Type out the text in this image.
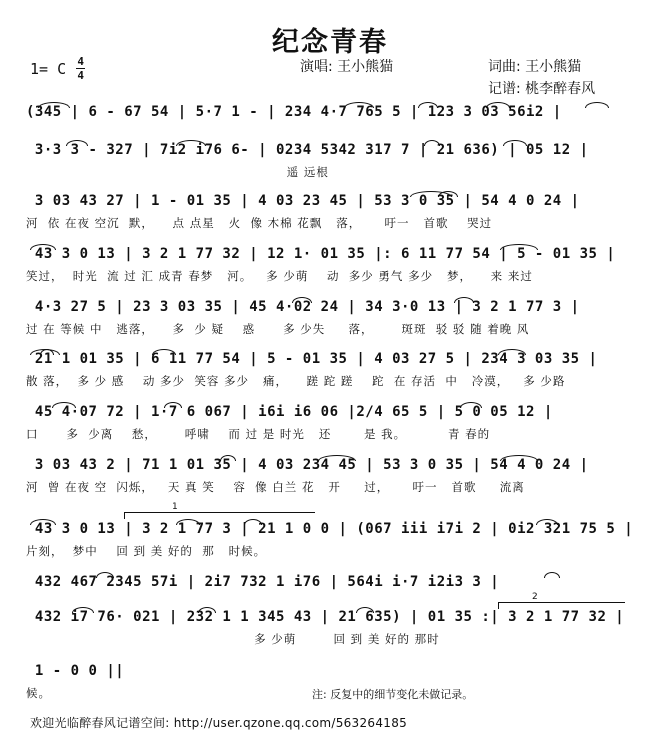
纪念青春
1= C $\frac{4}{4}$	演唱: 王小熊猫	词曲: 王小熊猫
记谱: 桃李醉春风
(345 | 6 - 67 54 | 5·7 1 - | 234 4·7 765 5 | 123 3 03 56i2 |
3·3 3 - 327 | 7i2 i76 6- | 0234 5342 317 7 | 21 636) | 05 12 |
遥 远根
3 03 43 27 | 1 - 01 35 | 4 03 23 45 | 53 3 0 35 | 54 4 0 24 |
河  依 在夜 空沉  默，    点 点星   火  像 木棉 花飘   落，     吁一   首歌    哭过
43 3 0 13 | 3 2 1 77 32 | 12 1· 01 35 |: 6 11 77 54 | 5 - 01 35 |
笑过，  时光  流 过 汇 成青 春梦   河。   多 少萌    动  多少 勇气 多少   梦，    来 来过
4·3 27 5 | 23 3 03 35 | 45 4·02 24 | 34 3·0 13 | 3 2 1 77 3 |
过 在 等候 中   逃落，    多  少 疑    惑      多 少失     落，      斑斑  驳 驳 随 着晚 风
21 1 01 35 | 6 11 77 54 | 5 - 01 35 | 4 03 27 5 | 234 3 03 35 |
散 落，  多 少 感    动 多少  笑容 多少   痛，    蹉 跎 蹉    跎  在 存活  中   冷漠，   多 少路
45 4·07 72 | 1·7 6 067 | i6i i6 06 |2/4 65 5 | 5 0 05 12 |
口      多  少离    愁，      呼啸    而 过 是 时光   还       是 我。         青 春的
3 03 43 2 | 71 1 01 35 | 4 03 234 45 | 53 3 0 35 | 54 4 0 24 |
河  曾 在夜 空  闪烁，   天 真 笑    容  像 白兰 花   开     过，     吁一   首歌     流离
43 3 0 13 | 3 2 1 77 3 | 21 1 0 0 | (067 iii i7i 2 | 0i2 321 75 5 |
片刻，  梦中    回 到 美 好的  那   时候。
432 467 2345 57i | 2i7 732 1 i76 | 564i i·7 i2i3 3 |
432 i7 76· 021 | 232 1 1 345 43 | 21 635) | 01 35 :| 3 2 1 77 32 |
多 少萌        回 到 美 好的 那时
1 - 0 0 ||
候。
1
2
注: 反复中的细节变化未做记录。
欢迎光临醉春风记谱空间: http://user.qzone.qq.com/563264185
